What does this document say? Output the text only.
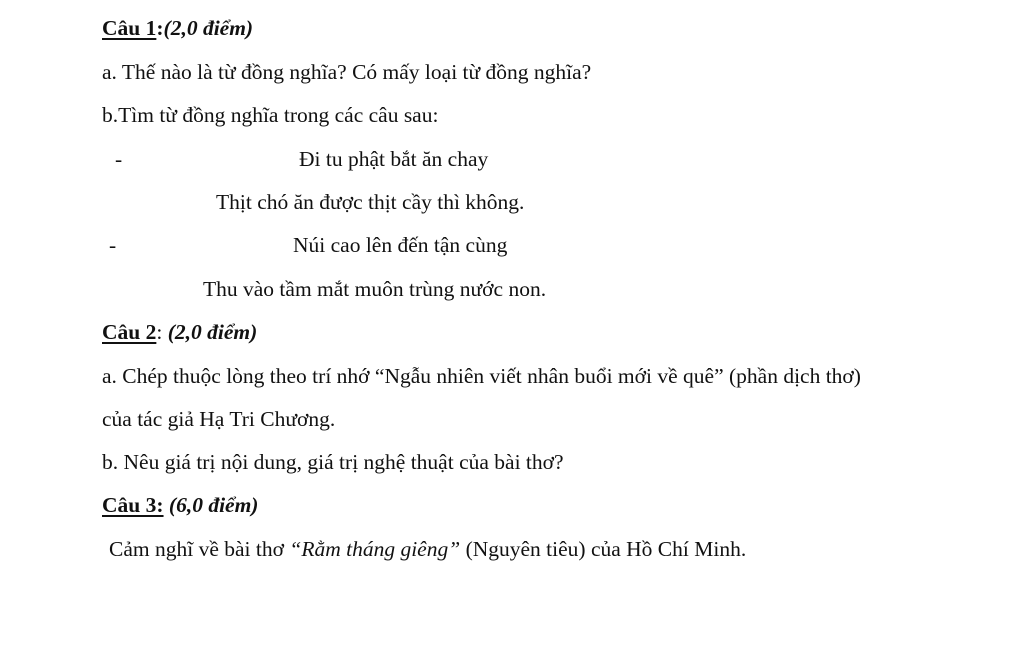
Câu 1:(2,0 điểm)
a. Thế nào là từ đồng nghĩa? Có mấy loại từ đồng nghĩa?
b.Tìm từ đồng nghĩa trong các câu sau:
-	Đi tu phật bắt ăn chay
Thịt chó ăn được thịt cầy thì không.
-	Núi cao lên đến tận cùng
Thu vào tầm mắt muôn trùng nước non.
Câu 2: (2,0 điểm)
a. Chép thuộc lòng theo trí nhớ “Ngẫu nhiên viết nhân buổi mới về quê” (phần dịch thơ)
của tác giả Hạ Tri Chương.
b. Nêu giá trị nội dung, giá trị nghệ thuật của bài thơ?
Câu 3: (6,0 điểm)
Cảm nghĩ về bài thơ “Rằm tháng giêng” (Nguyên tiêu) của Hồ Chí Minh.
